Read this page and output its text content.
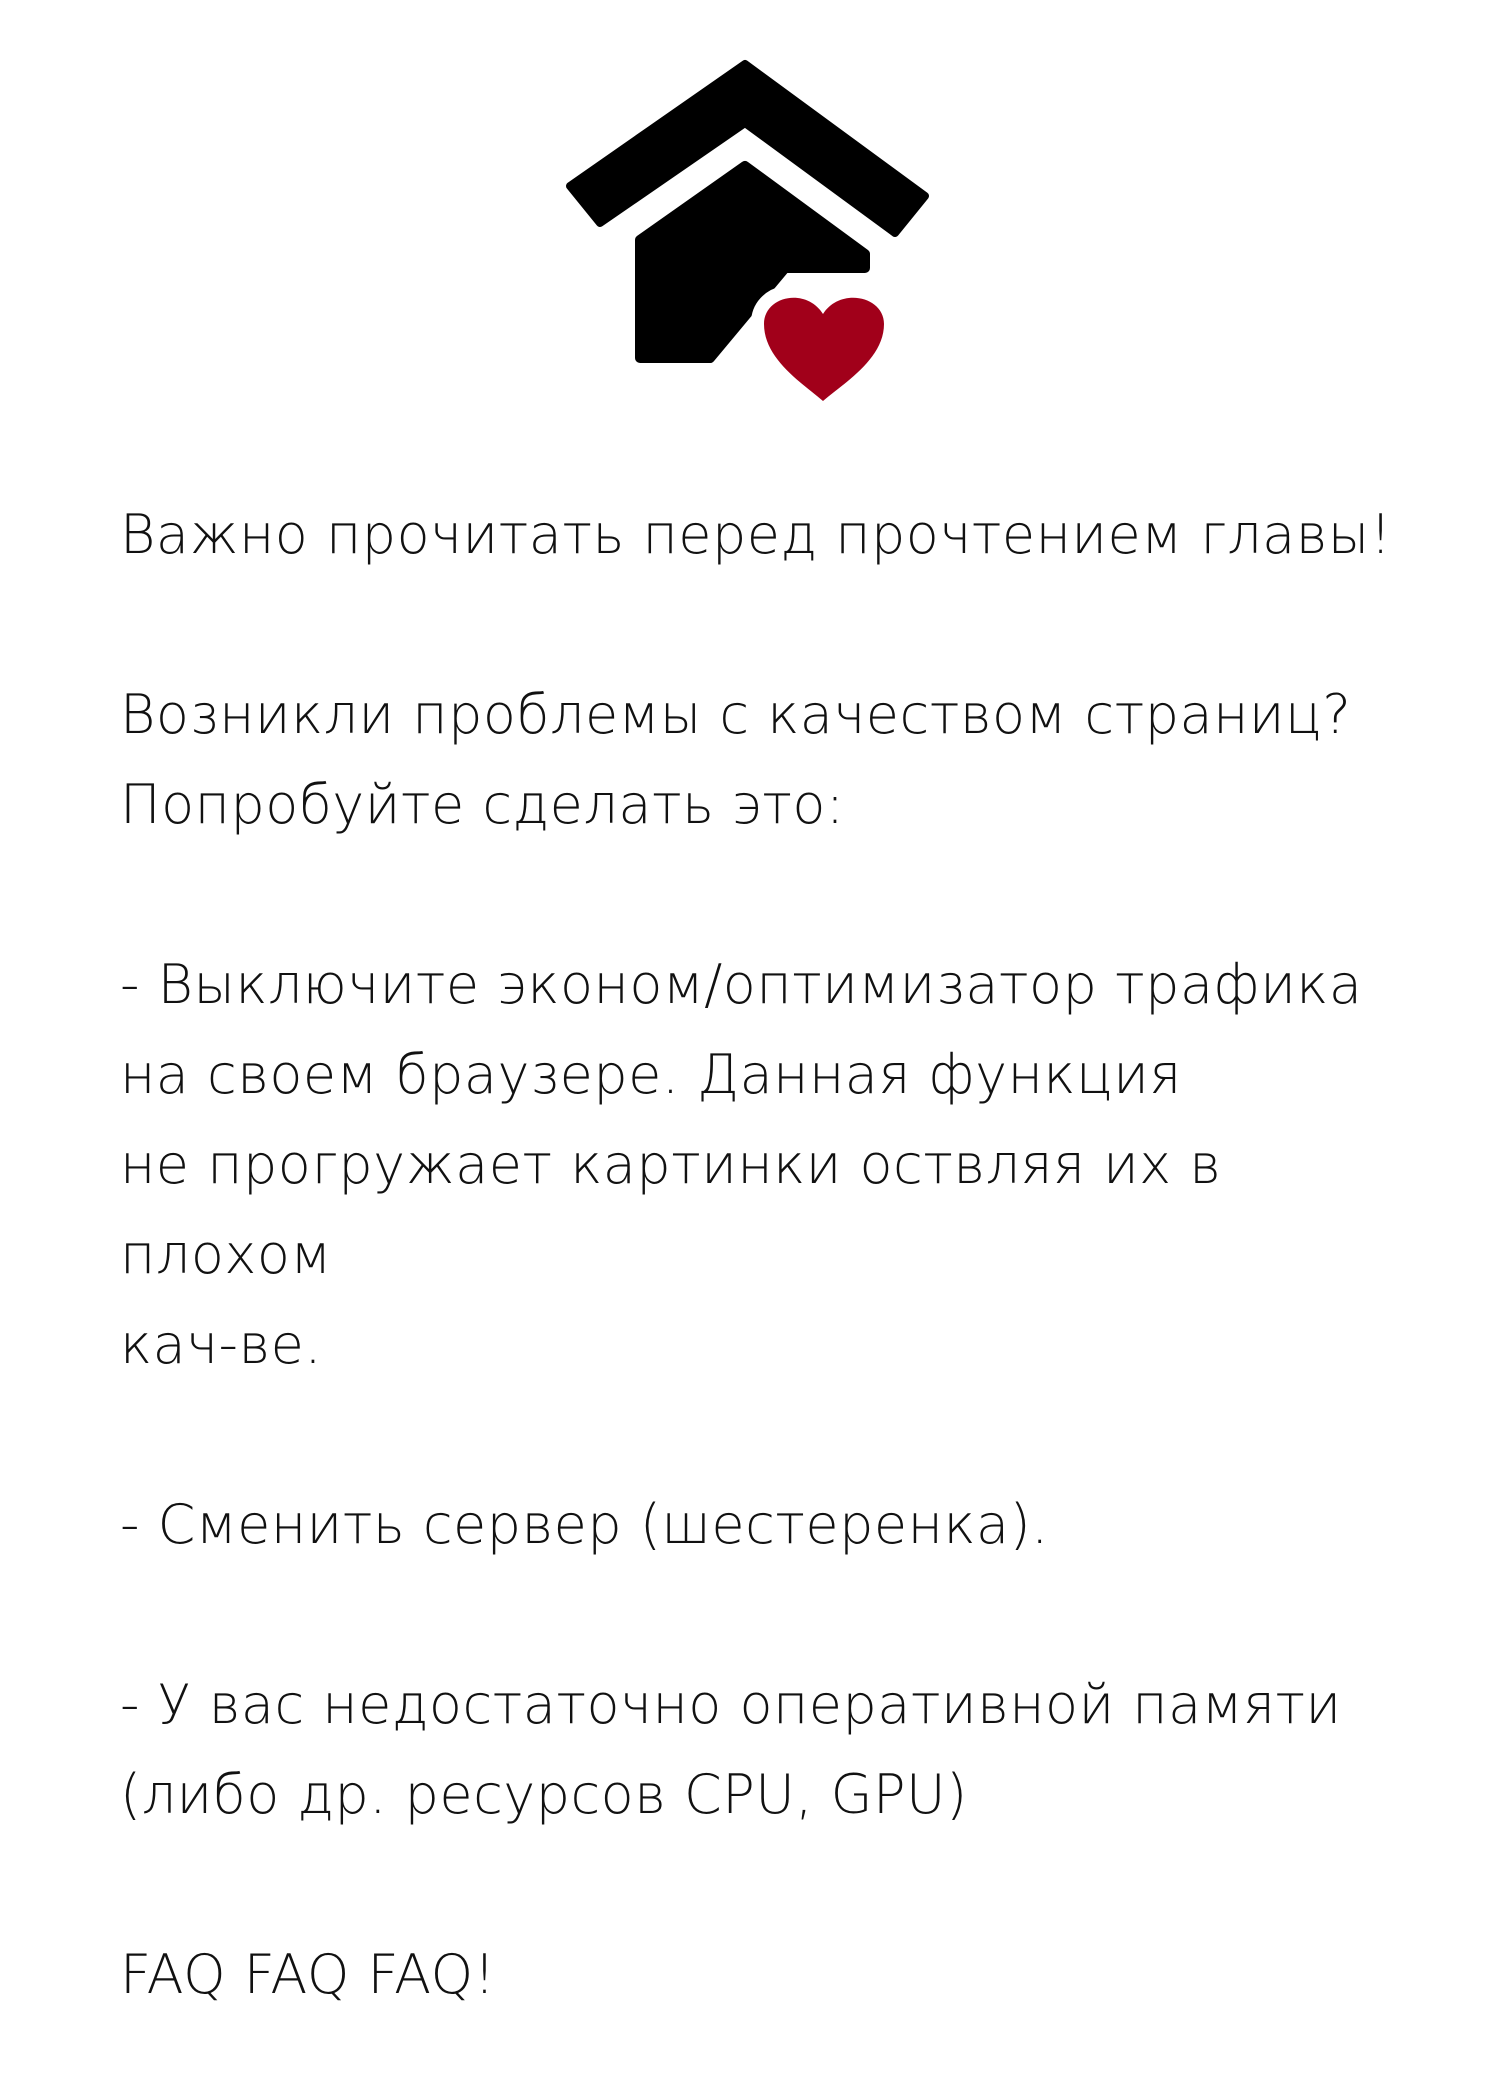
Важно прочитать перед прочтением главы!

Возникли проблемы с качеством страниц?
Попробуйте сделать это:

- Выключите эконом/оптимизатор трафика
на своем браузере. Данная функция
не прогружает картинки оствляя их в плохом
кач-ве.

- Сменить сервер (шестеренка).

- У вас недостаточно оперативной памяти
(либо др. ресурсов CPU, GPU)

FAQ FAQ FAQ!
